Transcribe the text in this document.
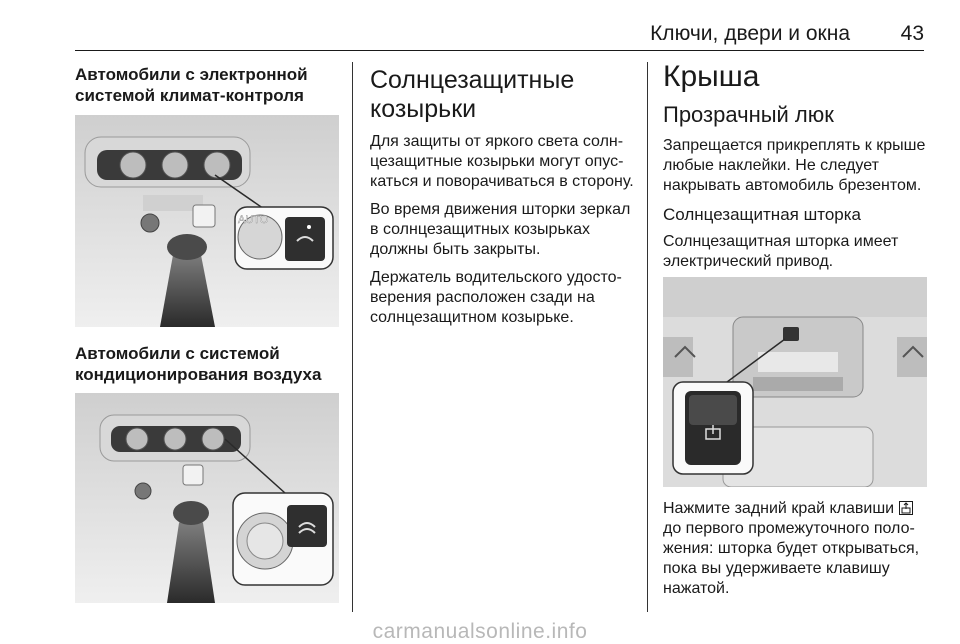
Ключи, двери и окна 43

Автомобили с электронной системой климат-контроля

AUTO

Автомобили с системой кондиционирования воздуха

Солнцезащитные козырьки

Для защиты от яркого света солнцезащитные козырьки могут опускаться и поворачиваться в сторону.

Во время движения шторки зеркал в солнцезащитных козырьках должны быть закрыты.

Держатель водительского удостоверения расположен сзади на солнцезащитном козырьке.

Крыша

Прозрачный люк

Запрещается прикреплять к крыше любые наклейки. Не следует накрывать автомобиль брезентом.

Солнцезащитная шторка

Солнцезащитная шторка имеет электрический привод.

Нажмите задний край клавиши  до первого промежуточного положения: шторка будет открываться, пока вы удерживаете клавишу нажатой.

carmanualsonline.info
